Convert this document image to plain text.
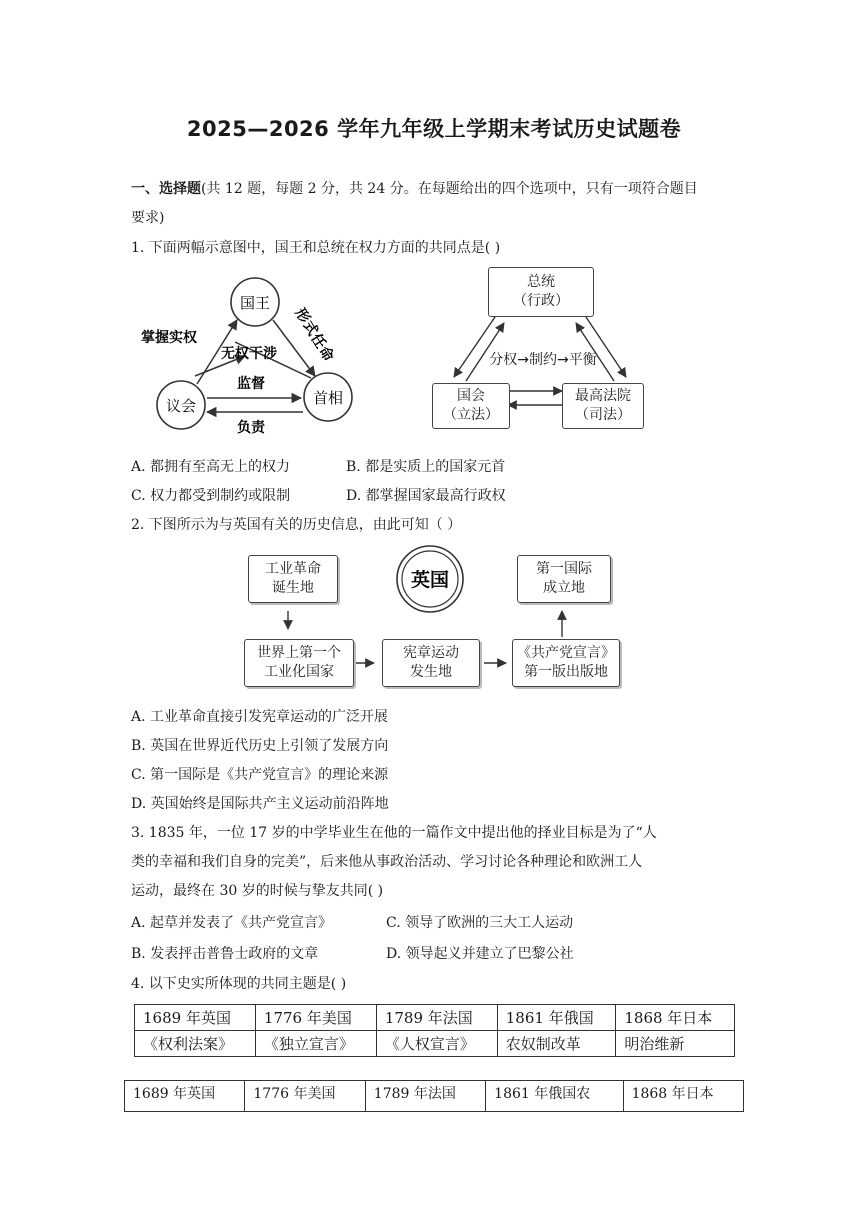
2025—2026 学年九年级上学期末考试历史试题卷
一、选择题(共 12 题，每题 2 分，共 24 分。在每题给出的四个选项中，只有一项符合题目
要求)
1. 下面两幅示意图中，国王和总统在权力方面的共同点是( )
国王
议会	首相
掌握实权
无权干涉
监督
负责
形式任命
总统
（行政）
国会
（立法）
最高法院
（司法）
分权→制约→平衡
A. 都拥有至高无上的权力	B. 都是实质上的国家元首
C. 权力都受到制约或限制	D. 都掌握国家最高行政权
2. 下图所示为与英国有关的历史信息，由此可知（ ）
英国
工业革命
诞生地
第一国际
成立地
世界上第一个
工业化国家
宪章运动
发生地
《共产党宣言》
第一版出版地
A. 工业革命直接引发宪章运动的广泛开展
B. 英国在世界近代历史上引领了发展方向
C. 第一国际是《共产党宣言》的理论来源
D. 英国始终是国际共产主义运动前沿阵地
3. 1835 年，一位 17 岁的中学毕业生在他的一篇作文中提出他的择业目标是为了“人
类的幸福和我们自身的完美”，后来他从事政治活动、学习讨论各种理论和欧洲工人
运动，最终在 30 岁的时候与挚友共同( )
A. 起草并发表了《共产党宣言》	C. 领导了欧洲的三大工人运动
B. 发表抨击普鲁士政府的文章	D. 领导起义并建立了巴黎公社
4. 以下史实所体现的共同主题是( )
1689 年英国	1776 年美国	1789 年法国	1861 年俄国	1868 年日本
《权利法案》	《独立宣言》	《人权宣言》	农奴制改革	明治维新
1689 年英国	1776 年美国	1789 年法国	1861 年俄国农	1868 年日本
